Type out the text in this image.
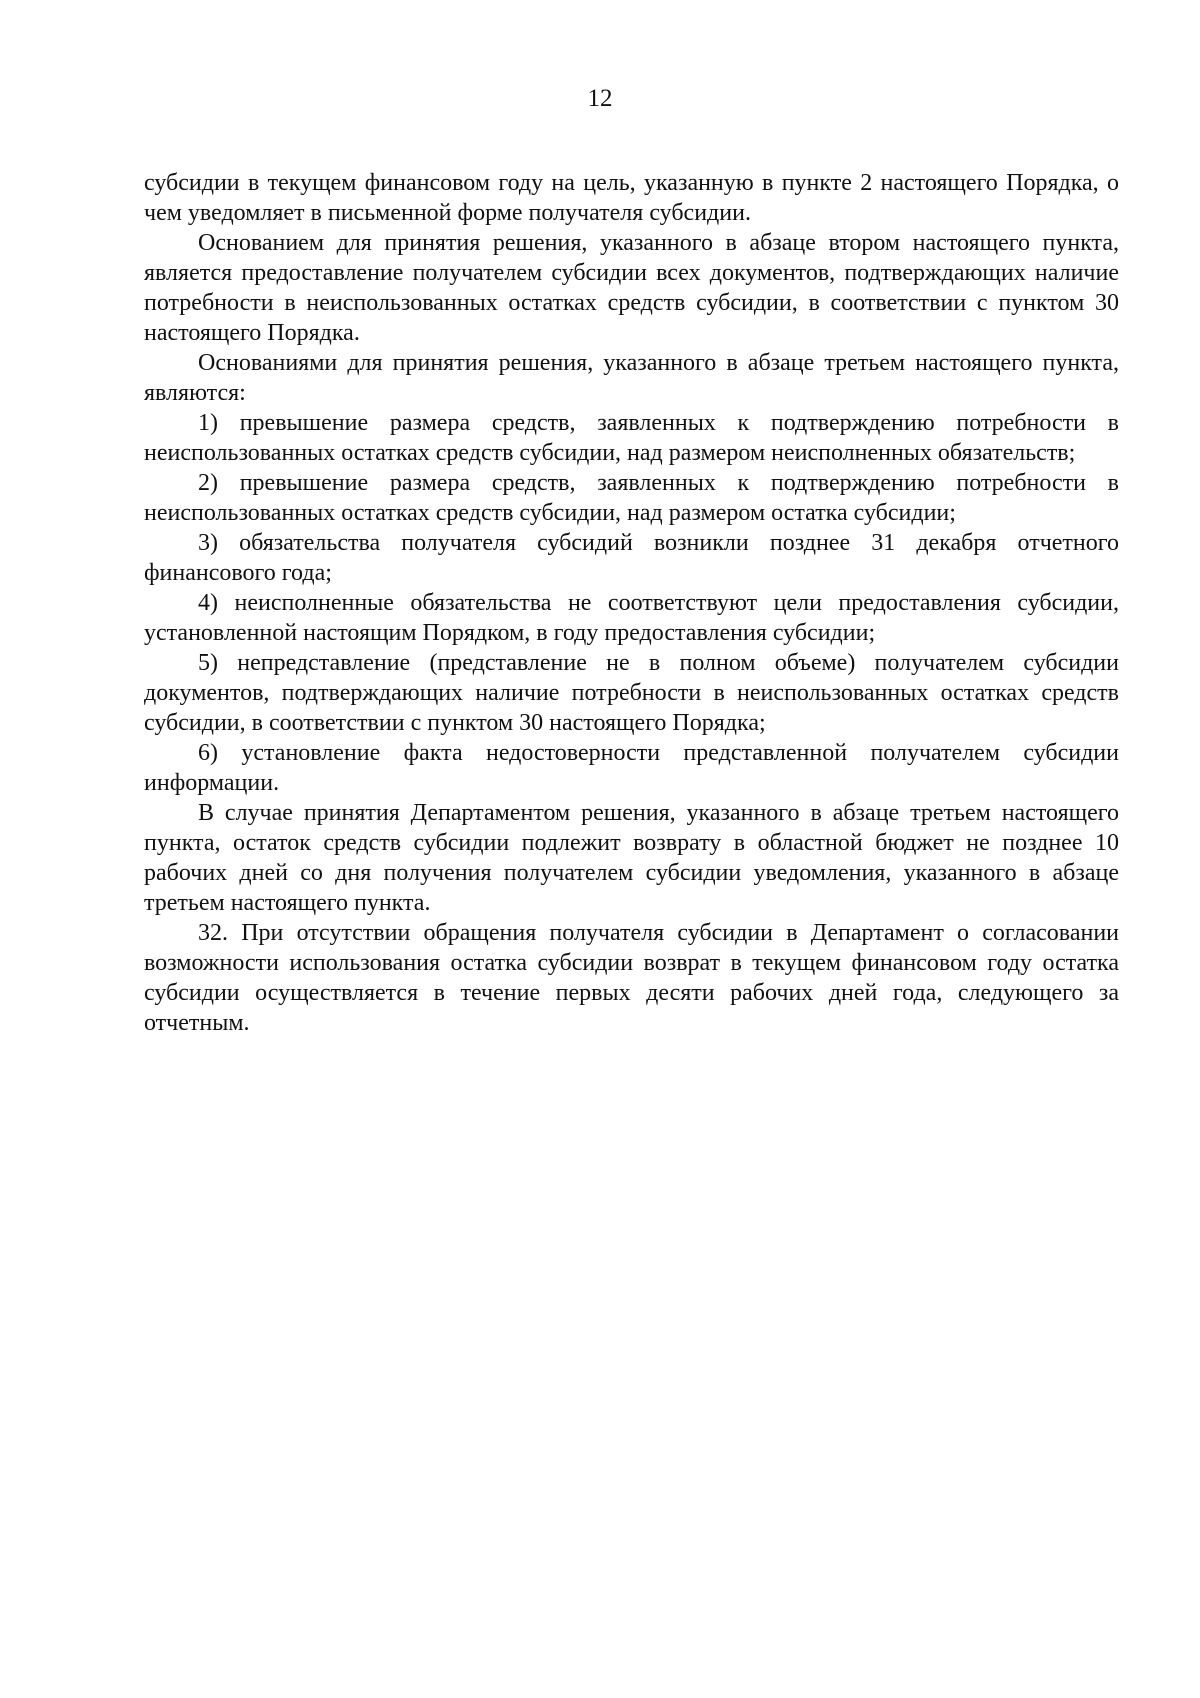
12

субсидии в текущем финансовом году на цель, указанную в пункте 2 настоящего Порядка, о чем уведомляет в письменной форме получателя субсидии.

Основанием для принятия решения, указанного в абзаце втором настоящего пункта, является предоставление получателем субсидии всех документов, подтверждающих наличие потребности в неиспользованных остатках средств субсидии, в соответствии с пунктом 30 настоящего Порядка.

Основаниями для принятия решения, указанного в абзаце третьем настоящего пункта, являются:

1) превышение размера средств, заявленных к подтверждению потребности в неиспользованных остатках средств субсидии, над размером неисполненных обязательств;

2) превышение размера средств, заявленных к подтверждению потребности в неиспользованных остатках средств субсидии, над размером остатка субсидии;

3) обязательства получателя субсидий возникли позднее 31 декабря отчетного финансового года;

4) неисполненные обязательства не соответствуют цели предоставления субсидии, установленной настоящим Порядком, в году предоставления субсидии;

5) непредставление (представление не в полном объеме) получателем субсидии документов, подтверждающих наличие потребности в неиспользованных остатках средств субсидии, в соответствии с пунктом 30 настоящего Порядка;

6) установление факта недостоверности представленной получателем субсидии информации.

В случае принятия Департаментом решения, указанного в абзаце третьем настоящего пункта, остаток средств субсидии подлежит возврату в областной бюджет не позднее 10 рабочих дней со дня получения получателем субсидии уведомления, указанного в абзаце третьем настоящего пункта.

32. При отсутствии обращения получателя субсидии в Департамент о согласовании возможности использования остатка субсидии возврат в текущем финансовом году остатка субсидии осуществляется в течение первых десяти рабочих дней года, следующего за отчетным.
